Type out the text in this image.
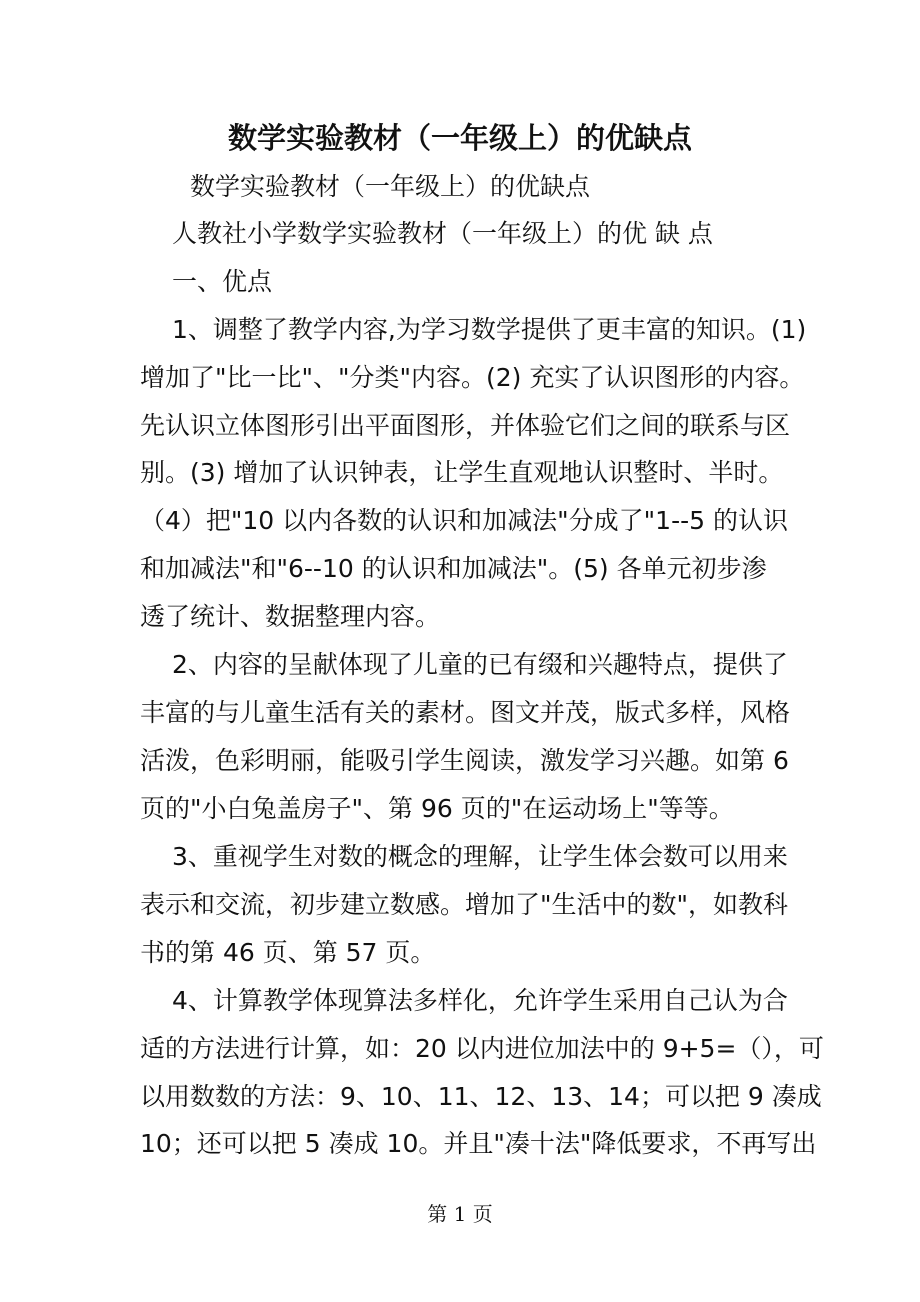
数学实验教材（一年级上）的优缺点
数学实验教材（一年级上）的优缺点
人教社小学数学实验教材（一年级上）的优 缺 点
一、优点
1、调整了教学内容,为学习数学提供了更丰富的知识。(1)
增加了"比一比"、"分类"内容。(2) 充实了认识图形的内容。
先认识立体图形引出平面图形，并体验它们之间的联系与区
别。(3) 增加了认识钟表，让学生直观地认识整时、半时。
（4）把"10 以内各数的认识和加减法"分成了"1--5 的认识
和加减法"和"6--10 的认识和加减法"。(5) 各单元初步渗
透了统计、数据整理内容。
2、内容的呈献体现了儿童的已有缀和兴趣特点，提供了
丰富的与儿童生活有关的素材。图文并茂，版式多样，风格
活泼，色彩明丽，能吸引学生阅读，激发学习兴趣。如第 6
页的"小白兔盖房子"、第 96 页的"在运动场上"等等。
3、重视学生对数的概念的理解，让学生体会数可以用来
表示和交流，初步建立数感。增加了"生活中的数"，如教科
书的第 46 页、第 57 页。
4、计算教学体现算法多样化，允许学生采用自己认为合
适的方法进行计算，如：20 以内进位加法中的 9+5=（），可
以用数数的方法：9、10、11、12、13、14；可以把 9 凑成
10；还可以把 5 凑成 10。并且"凑十法"降低要求，不再写出
第 1 页
